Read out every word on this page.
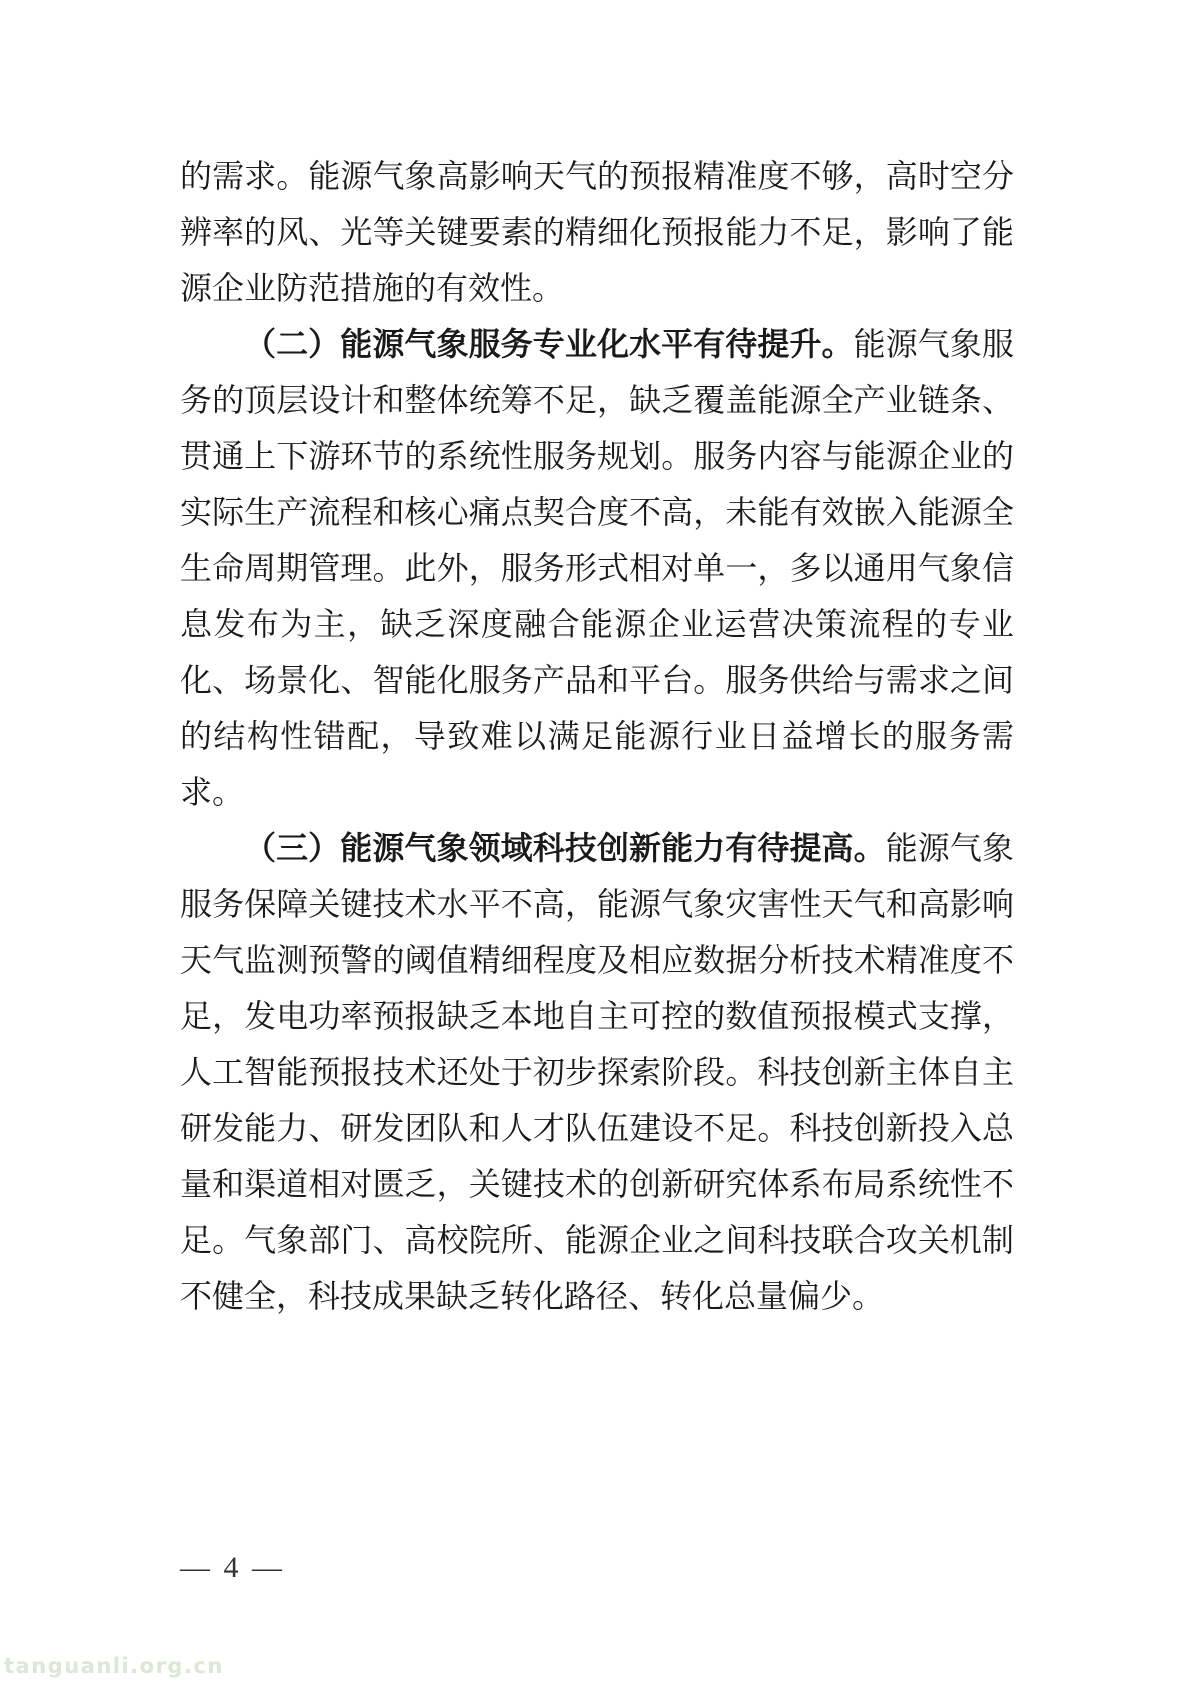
的需求。能源气象高影响天气的预报精准度不够，高时空分辨率的风、光等关键要素的精细化预报能力不足，影响了能源企业防范措施的有效性。

（二）能源气象服务专业化水平有待提升。能源气象服务的顶层设计和整体统筹不足，缺乏覆盖能源全产业链条、贯通上下游环节的系统性服务规划。服务内容与能源企业的实际生产流程和核心痛点契合度不高，未能有效嵌入能源全生命周期管理。此外，服务形式相对单一，多以通用气象信息发布为主，缺乏深度融合能源企业运营决策流程的专业化、场景化、智能化服务产品和平台。服务供给与需求之间的结构性错配，导致难以满足能源行业日益增长的服务需求。

（三）能源气象领域科技创新能力有待提高。能源气象服务保障关键技术水平不高，能源气象灾害性天气和高影响天气监测预警的阈值精细程度及相应数据分析技术精准度不足，发电功率预报缺乏本地自主可控的数值预报模式支撑，人工智能预报技术还处于初步探索阶段。科技创新主体自主研发能力、研发团队和人才队伍建设不足。科技创新投入总量和渠道相对匮乏，关键技术的创新研究体系布局系统性不足。气象部门、高校院所、能源企业之间科技联合攻关机制不健全，科技成果缺乏转化路径、转化总量偏少。

— 4 —
tanguanli.org.cn
